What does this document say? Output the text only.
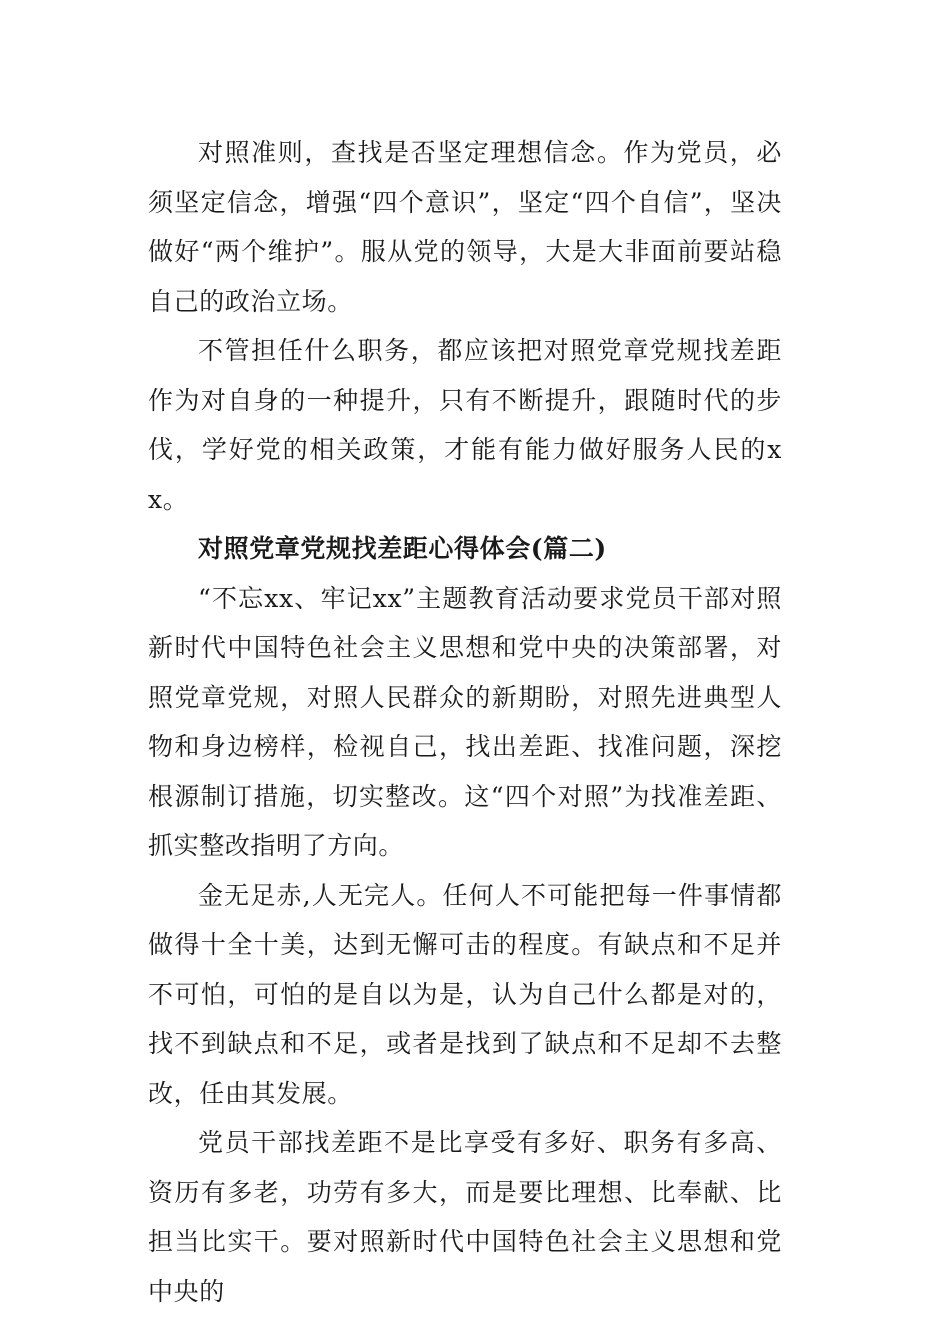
对照准则，查找是否坚定理想信念。作为党员，必须坚定信念，增强“四个意识”，坚定“四个自信”，坚决做好“两个维护”。服从党的领导，大是大非面前要站稳自己的政治立场。

不管担任什么职务，都应该把对照党章党规找差距作为对自身的一种提升，只有不断提升，跟随时代的步伐，学好党的相关政策，才能有能力做好服务人民的xx。

对照党章党规找差距心得体会(篇二)

“不忘xx、牢记xx”主题教育活动要求党员干部对照新时代中国特色社会主义思想和党中央的决策部署，对照党章党规，对照人民群众的新期盼，对照先进典型人物和身边榜样，检视自己，找出差距、找准问题，深挖根源制订措施，切实整改。这“四个对照”为找准差距、抓实整改指明了方向。

金无足赤,人无完人。任何人不可能把每一件事情都做得十全十美，达到无懈可击的程度。有缺点和不足并不可怕，可怕的是自以为是，认为自己什么都是对的，找不到缺点和不足，或者是找到了缺点和不足却不去整改，任由其发展。

党员干部找差距不是比享受有多好、职务有多高、资历有多老，功劳有多大，而是要比理想、比奉献、比担当比实干。要对照新时代中国特色社会主义思想和党中央的
